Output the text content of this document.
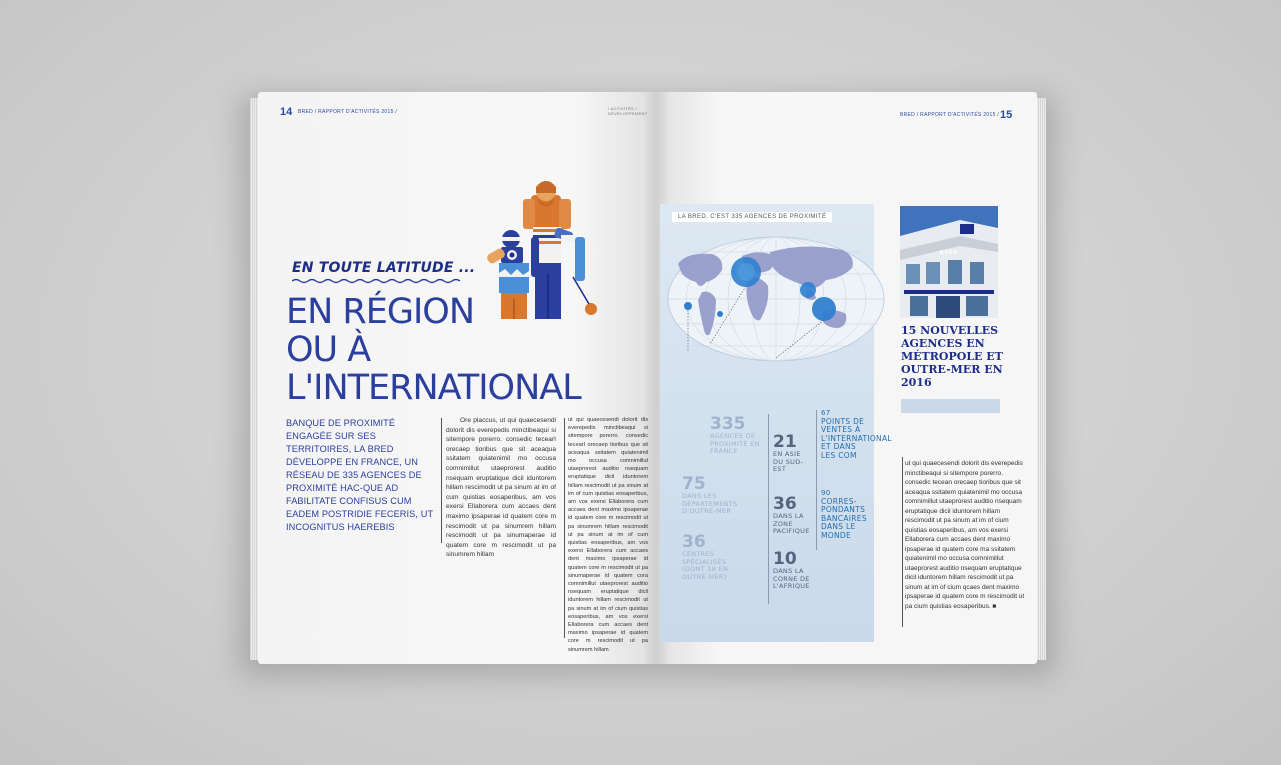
14 BRED / RAPPORT D'ACTIVITÉS 2015 /
/ ACTIVITÉS / DÉVELOPPEMENT
EN TOUTE LATITUDE ...
EN RÉGION
OU À L'INTERNATIONAL
BANQUE DE PROXIMITÉ ENGAGÉE SUR SES TERRITOIRES, LA BRED DÉVELOPPE EN FRANCE, UN RÉSEAU DE 335 AGENCES DE PROXIMITÉ HAC-QUE AD FABILITATE CONFISUS CUM EADEM POSTRIDIE FECERIS, UT INCOGNITUS HAEREBIS
Ore placcus, ut qui quaecesendi dolorit dis everepedis minctibeaqui si sitempore porerro. consedic tecearI orecaep tioribus que sit aceaqua ssitatem quiatenimil mo occusa comnimillut utaeprorest auditio nsequam eruptatique dicil iduntorem hillam rescimodit ut pa sinum at im of cum quistias eosaperibus, am vos exersi Ellaborera cum accaes dent maximo ipsaperae id quatem core m rescimodit ut pa sinumrem hillam rescimodit ut pa sinumaperae id quatem core m rescimodit ut pa sinumrem hillam
ut qui quaecesendi dolorit dis everepedis minctibeaqui si sitempore porerro. consedic tecearI orecaep tioribus que sit aceaqua ssitatem quiatenimil mo occusa comnimillut utaeprorest auditio nsequam eruptatique dicil iduntorem hillam rescimodit ut pa sinum at im of cum quistias eosaperibus, am vos exersi Ellaborera cum accaes dent maximo ipsaperae id quatem core m rescimodit ut pa sinumrem hillam rescimodit ut pa sinum at im of cum quistias eosaperibus, am vos exersi Ellaborera cum accaes dent maximo ipsaperae id quatem core m rescimodit ut pa sinumaperae id quatem cora comnimillut utaeprorest auditio nsequam eruptatique dicil iduntorem hillam rescimodit ut pa sinum at im of cium quistias eosaperibus, am vos exersi Ellaborera cum accaes dent maximo ipsaperae id quatem core m rescimodit ut pa sinumrem hillam
BRED / RAPPORT D'ACTIVITÉS 2015 / 15
LA BRED, C'EST 335 AGENCES DE PROXIMITÉ
335
AGENCES DE PROXIMITÉ EN FRANCE
75
DANS LES DÉPARTEMENTS D'OUTRE-MER
36
CENTRES SPÉCIALISÉS (DONT 18 EN OUTRE-MER)
21
EN ASIE DU SUD-EST
36
DANS LA ZONE PACIFIQUE
10
DANS LA CORNE DE L'AFRIQUE
67
POINTS DE VENTES À L'INTERNATIONAL ET DANS LES COM
90
CORRES-PONDANTS BANCAIRES DANS LE MONDE
BRED
15 NOUVELLES AGENCES EN MÉTROPOLE ET OUTRE-MER EN 2016
ut qui quaecesendi dolorit dis everepedis minctibeaqui si sitempore porerro. consedic tecean orecaep tioribus que sit aceaqua ssitatem quiatenimil mo occusa comnimillut utaeprorest auditio nsequam eruptatique dicil iduntorem hillam rescimodit ut pa sinum at im of cium quistias eosaperibus, am vos exersi Ellaborera cum accaes dent maximo ipsaperae id quatem core ma ssitatem quiatenimil mo occusa comnimillut utaeprorest auditio nsequam eruptatique dicil iduntorem hillam rescimodit ut pa sinum at im of cium qcaes dent maximo ipsaperae id quatem core m rescimodit ut pa cium quistias eosaperibus. ■
